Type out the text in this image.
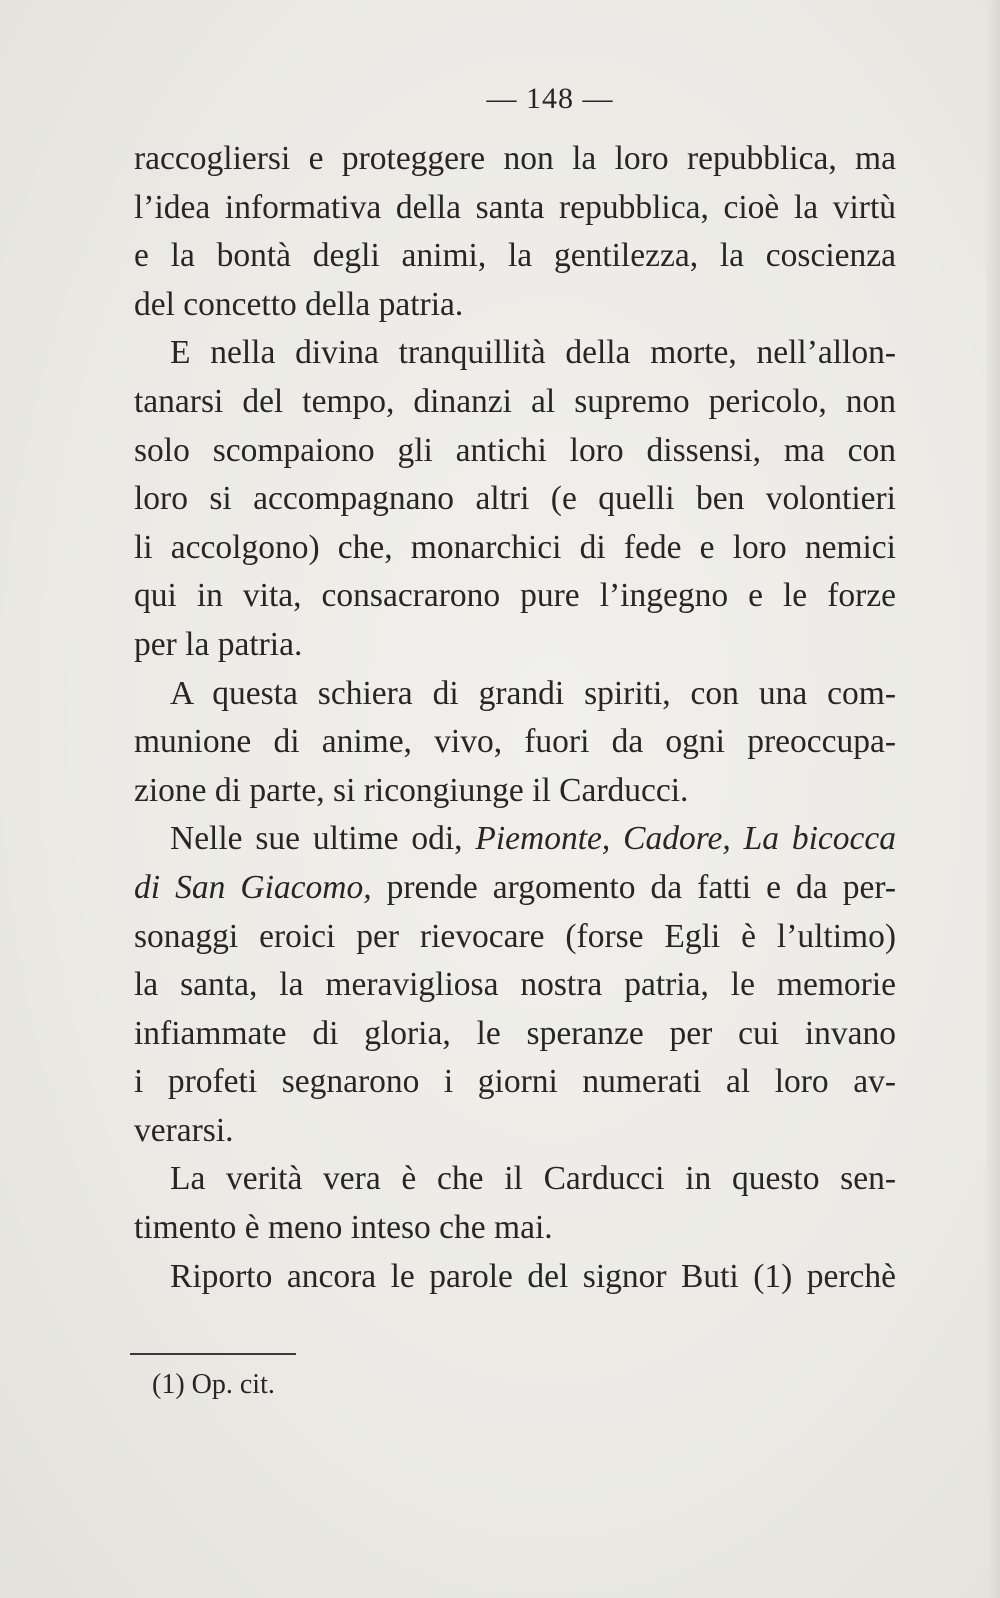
— 148 —
raccogliersi e proteggere non la loro repubblica, ma
l’idea informativa della santa repubblica, cioè la virtù
e la bontà degli animi, la gentilezza, la coscienza
del concetto della patria.
E nella divina tranquillità della morte, nell’allon-
tanarsi del tempo, dinanzi al supremo pericolo, non
solo scompaiono gli antichi loro dissensi, ma con
loro si accompagnano altri (e quelli ben volontieri
li accolgono) che, monarchici di fede e loro nemici
qui in vita, consacrarono pure l’ingegno e le forze
per la patria.
A questa schiera di grandi spiriti, con una com-
munione di anime, vivo, fuori da ogni preoccupa-
zione di parte, si ricongiunge il Carducci.
Nelle sue ultime odi, Piemonte, Cadore, La bicocca
di San Giacomo, prende argomento da fatti e da per-
sonaggi eroici per rievocare (forse Egli è l’ultimo)
la santa, la meravigliosa nostra patria, le memorie
infiammate di gloria, le speranze per cui invano
i profeti segnarono i giorni numerati al loro av-
verarsi.
La verità vera è che il Carducci in questo sen-
timento è meno inteso che mai.
Riporto ancora le parole del signor Buti (1) perchè
(1) Op. cit.
